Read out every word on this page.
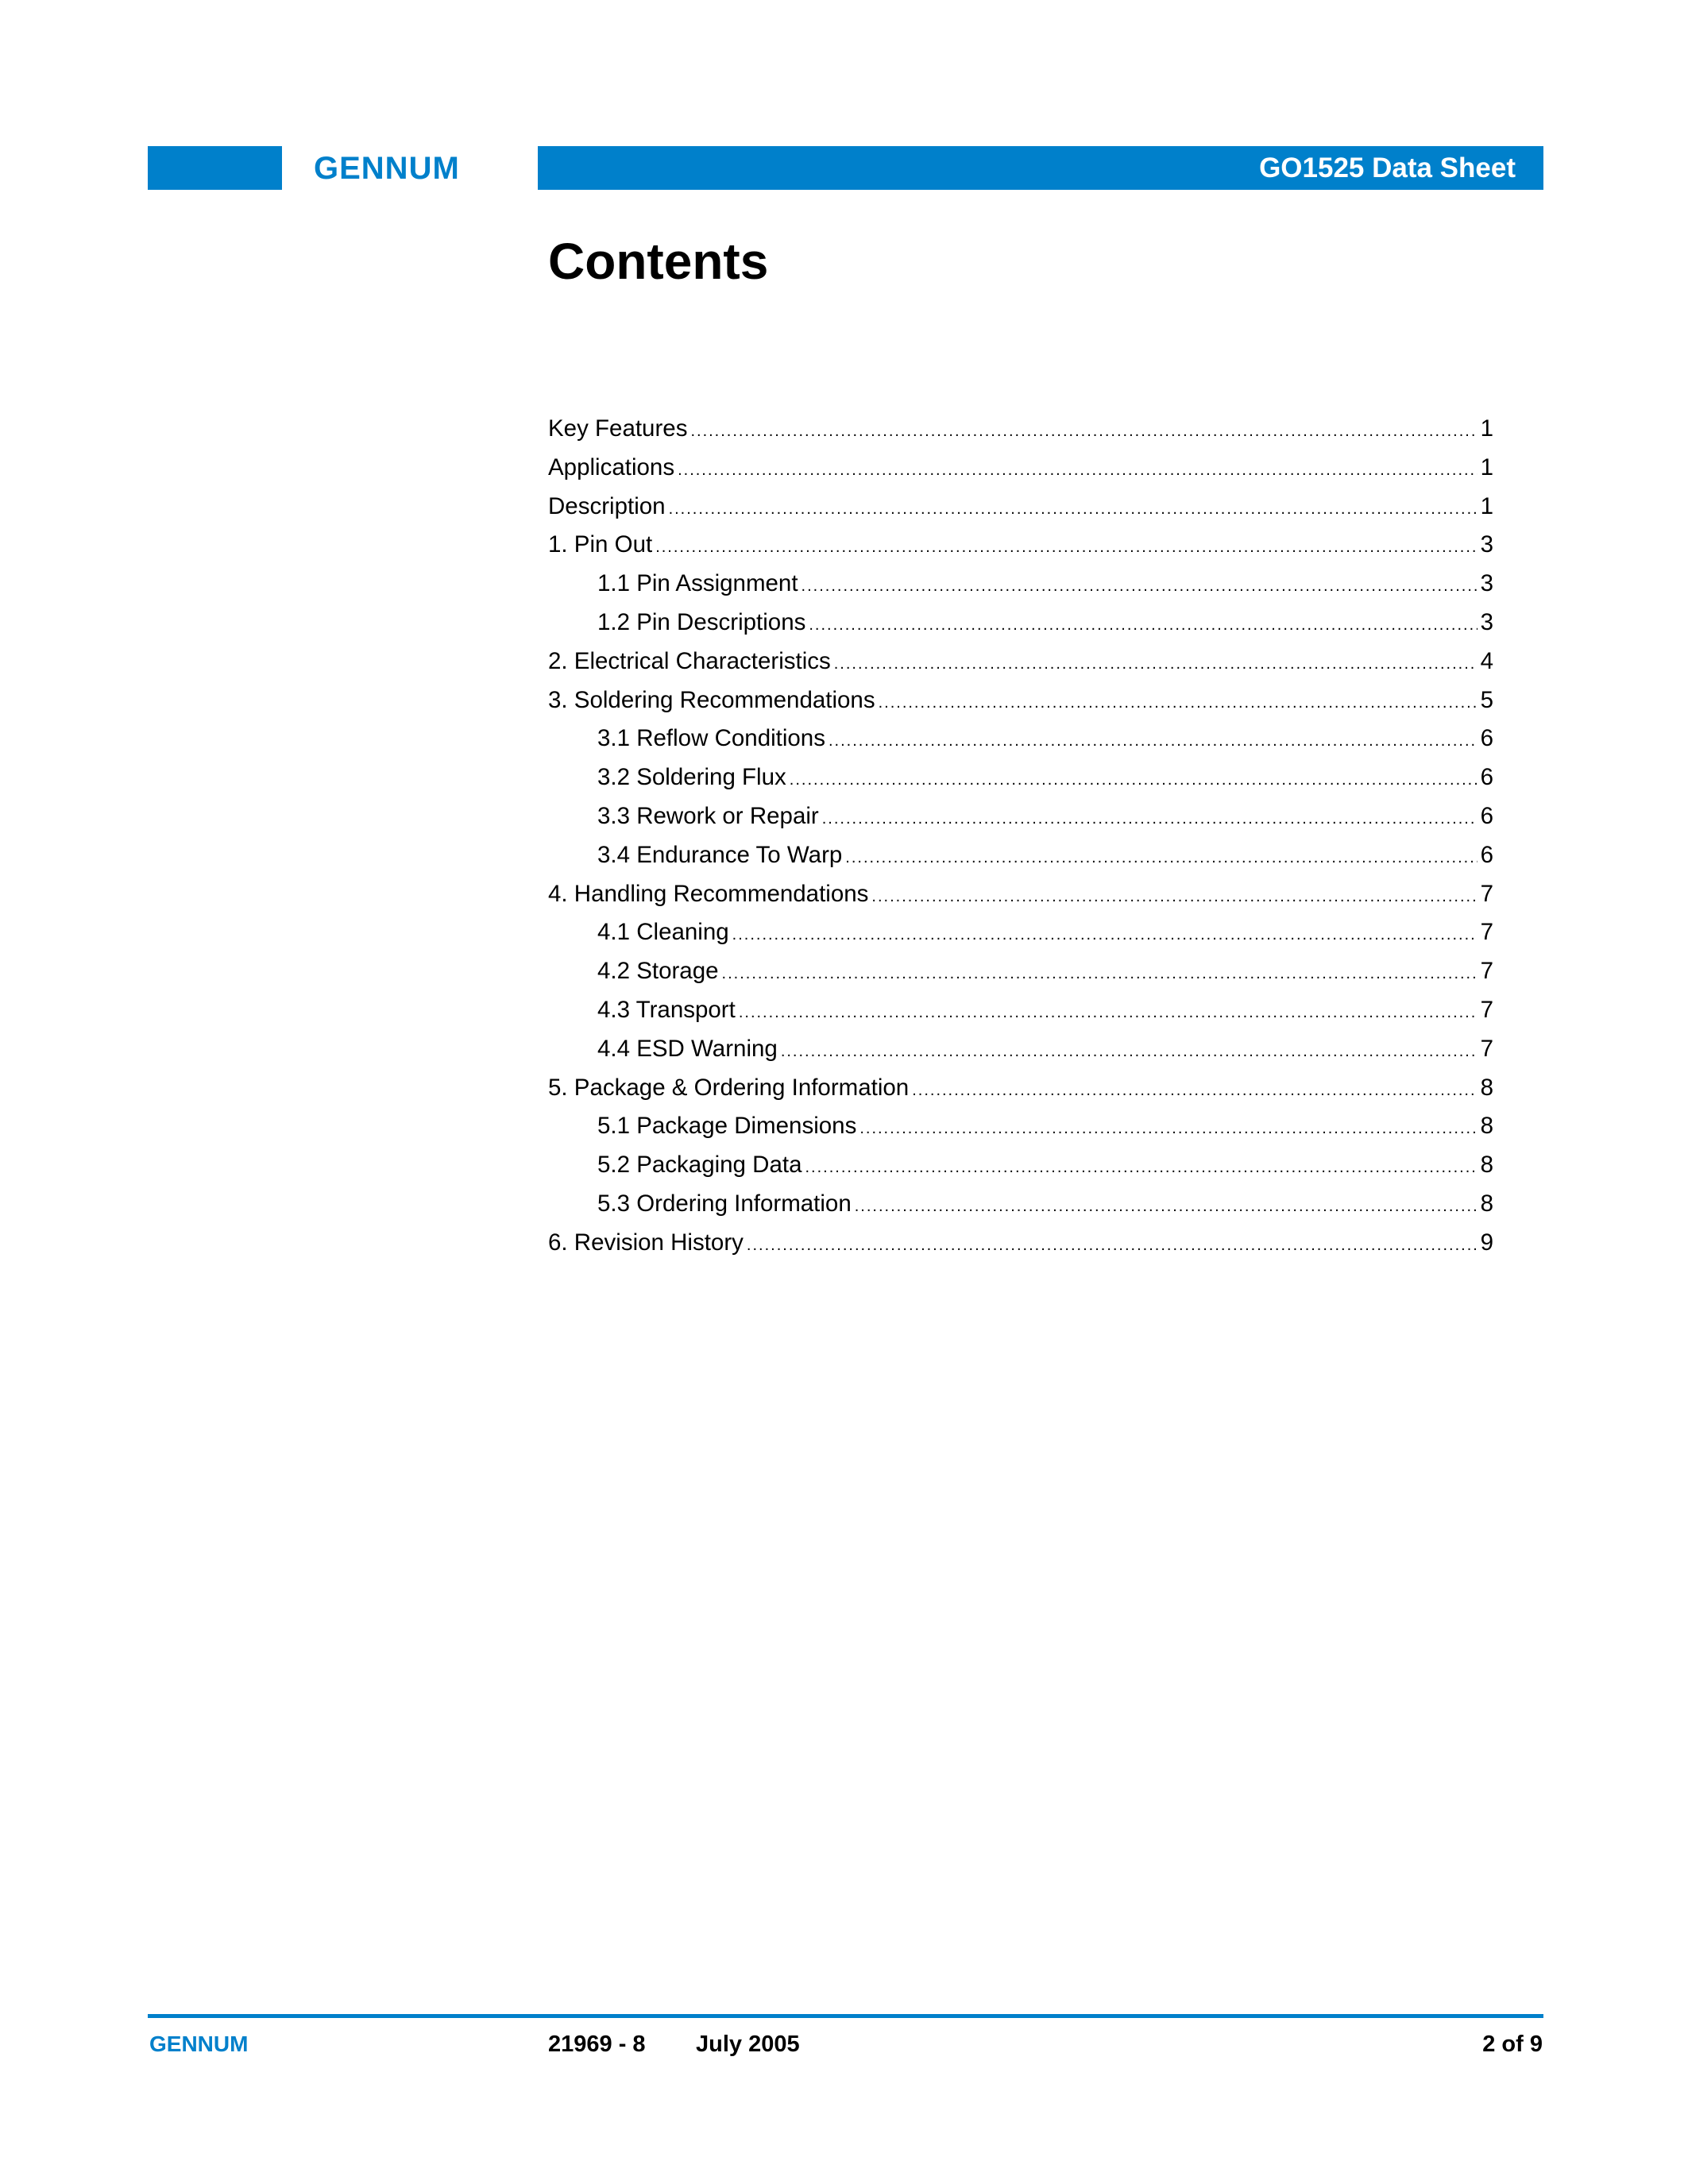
GENNUM	GO1525 Data Sheet
Contents
Key Features .....	1
Applications .....	1
Description .....	1
1. Pin Out .....	3
1.1 Pin Assignment .....	3
1.2 Pin Descriptions .....	3
2. Electrical Characteristics .....	4
3. Soldering Recommendations .....	5
3.1 Reflow Conditions .....	6
3.2 Soldering Flux .....	6
3.3 Rework or Repair .....	6
3.4 Endurance To Warp .....	6
4. Handling Recommendations .....	7
4.1 Cleaning .....	7
4.2 Storage .....	7
4.3 Transport .....	7
4.4 ESD Warning .....	7
5. Package & Ordering Information .....	8
5.1 Package Dimensions .....	8
5.2 Packaging Data .....	8
5.3 Ordering Information .....	8
6. Revision History .....	9
GENNUM	21969 - 8 July 2005	2 of 9
